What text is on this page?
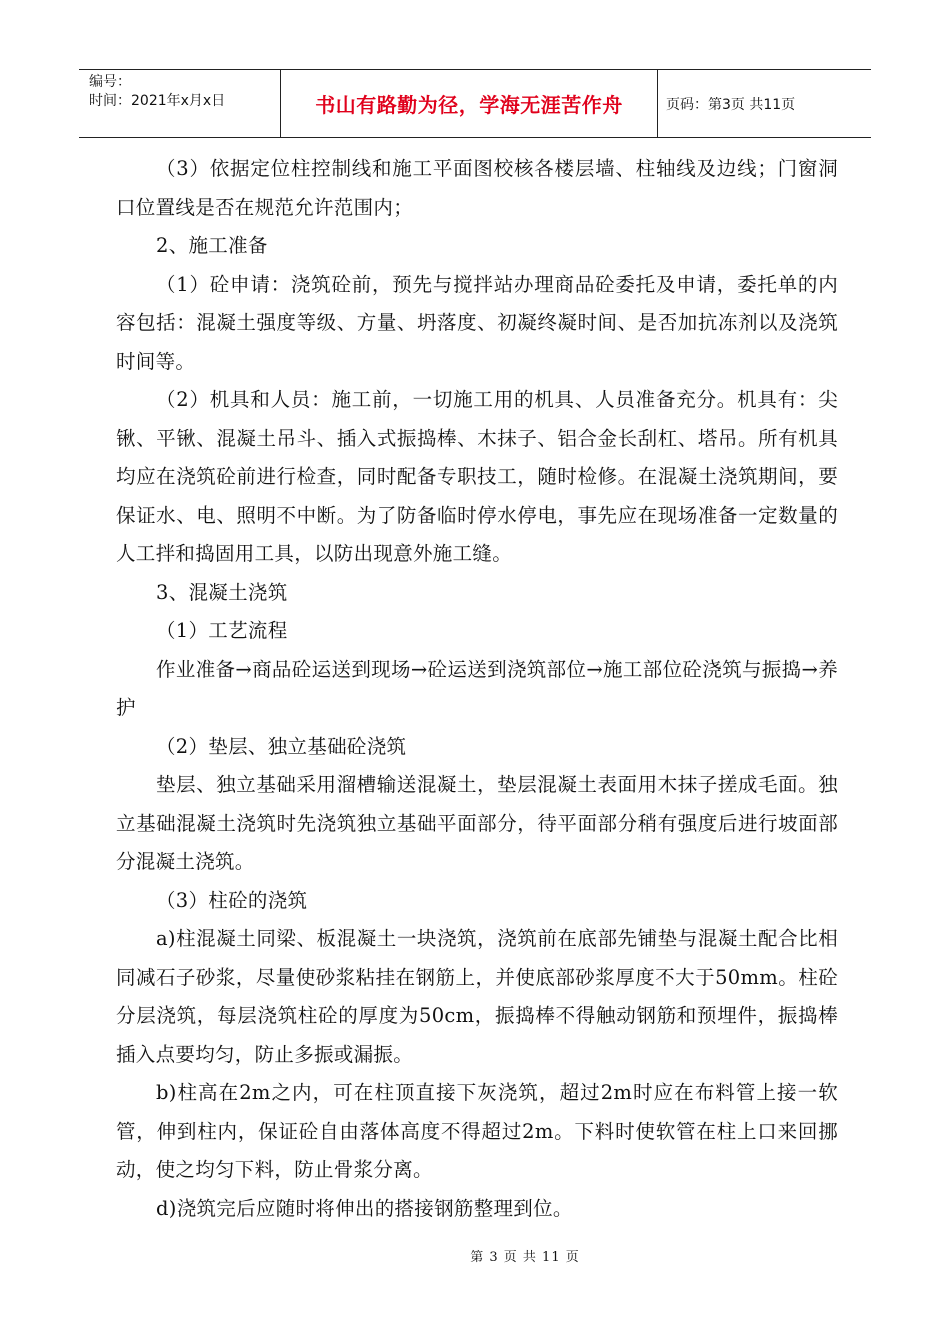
编号：
时间：2021年x月x日	书山有路勤为径，学海无涯苦作舟	页码：第3页 共11页

（3）依据定位柱控制线和施工平面图校核各楼层墙、柱轴线及边线；门窗洞口位置线是否在规范允许范围内；

2、施工准备

（1）砼申请：浇筑砼前，预先与搅拌站办理商品砼委托及申请，委托单的内容包括：混凝土强度等级、方量、坍落度、初凝终凝时间、是否加抗冻剂以及浇筑时间等。

（2）机具和人员：施工前，一切施工用的机具、人员准备充分。机具有：尖锹、平锹、混凝土吊斗、插入式振捣棒、木抹子、铝合金长刮杠、塔吊。所有机具均应在浇筑砼前进行检查，同时配备专职技工，随时检修。在混凝土浇筑期间，要保证水、电、照明不中断。为了防备临时停水停电，事先应在现场准备一定数量的人工拌和捣固用工具，以防出现意外施工缝。

3、混凝土浇筑

（1）工艺流程

作业准备→商品砼运送到现场→砼运送到浇筑部位→施工部位砼浇筑与振捣→养护

（2）垫层、独立基础砼浇筑

垫层、独立基础采用溜槽输送混凝土，垫层混凝土表面用木抹子搓成毛面。独立基础混凝土浇筑时先浇筑独立基础平面部分，待平面部分稍有强度后进行坡面部分混凝土浇筑。

（3）柱砼的浇筑

a)柱混凝土同梁、板混凝土一块浇筑，浇筑前在底部先铺垫与混凝土配合比相同减石子砂浆，尽量使砂浆粘挂在钢筋上，并使底部砂浆厚度不大于50mm。柱砼分层浇筑，每层浇筑柱砼的厚度为50cm，振捣棒不得触动钢筋和预埋件，振捣棒插入点要均匀，防止多振或漏振。

b)柱高在2m之内，可在柱顶直接下灰浇筑，超过2m时应在布料管上接一软管，伸到柱内，保证砼自由落体高度不得超过2m。下料时使软管在柱上口来回挪动，使之均匀下料，防止骨浆分离。

d)浇筑完后应随时将伸出的搭接钢筋整理到位。

第 3 页 共 11 页
